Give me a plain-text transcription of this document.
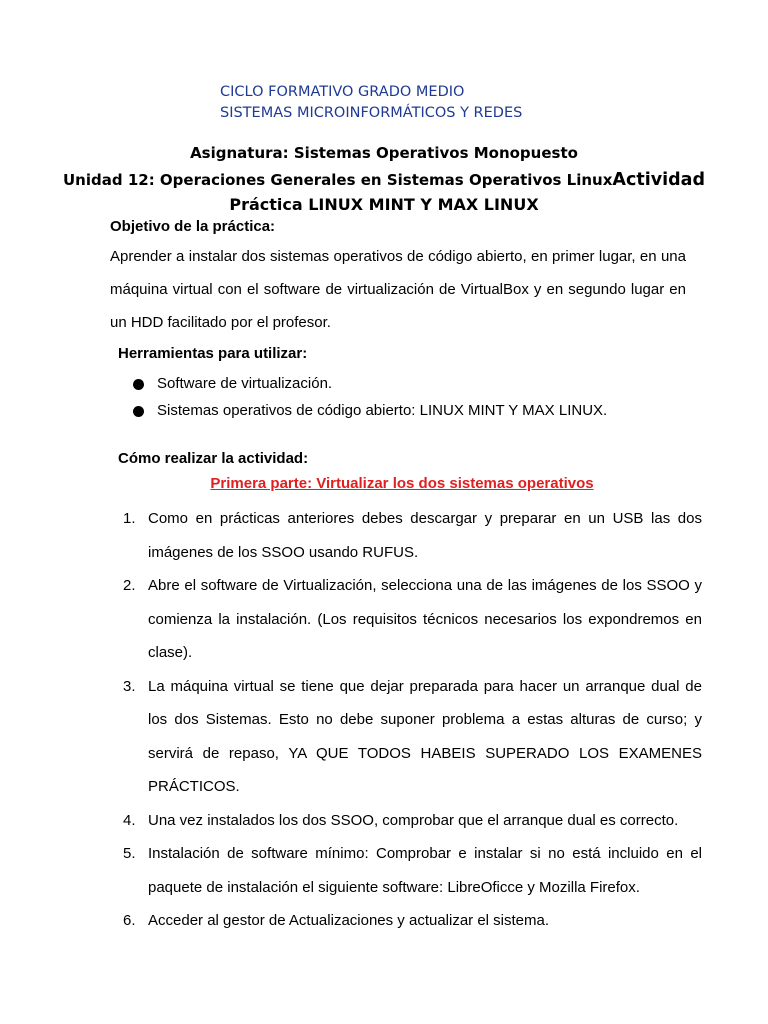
CICLO FORMATIVO GRADO MEDIO
SISTEMAS MICROINFORMÁTICOS Y REDES
Asignatura: Sistemas Operativos Monopuesto
Unidad 12: Operaciones Generales en Sistemas Operativos LinuxActividad
Práctica LINUX MINT Y MAX LINUX
Objetivo de la práctica:

Aprender a instalar dos sistemas operativos de código abierto, en primer lugar, en una máquina virtual con el software de virtualización de VirtualBox y en segundo lugar en un HDD facilitado por el profesor.

Herramientas para utilizar:
Software de virtualización.
Sistemas operativos de código abierto: LINUX MINT Y MAX LINUX.
Cómo realizar la actividad:
Primera parte: Virtualizar los dos sistemas operativos
1. Como en prácticas anteriores debes descargar y preparar en un USB las dos imágenes de los SSOO usando RUFUS.
2. Abre el software de Virtualización, selecciona una de las imágenes de los SSOO y comienza la instalación. (Los requisitos técnicos necesarios los expondremos en clase).
3. La máquina virtual se tiene que dejar preparada para hacer un arranque dual de los dos Sistemas. Esto no debe suponer problema a estas alturas de curso; y servirá de repaso, YA QUE TODOS HABEIS SUPERADO LOS EXAMENES PRÁCTICOS.
4. Una vez instalados los dos SSOO, comprobar que el arranque dual es correcto.
5. Instalación de software mínimo: Comprobar e instalar si no está incluido en el paquete de instalación el siguiente software: LibreOficce y Mozilla Firefox.
6. Acceder al gestor de Actualizaciones y actualizar el sistema.
